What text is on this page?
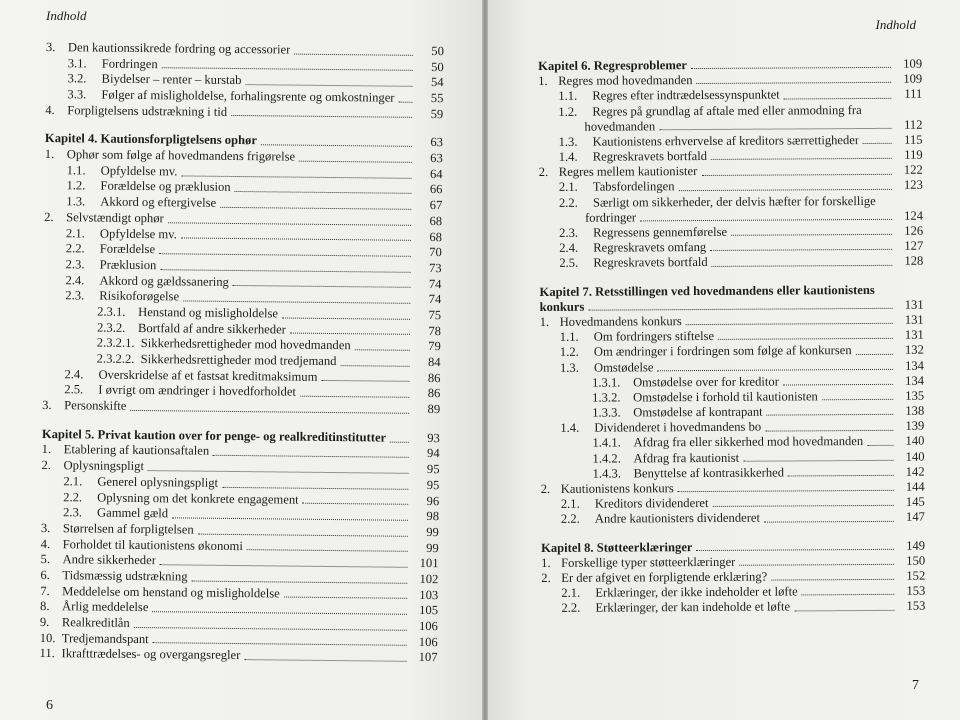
Indhold
3. Den kautionssikrede fordring og accessorier	50
3.1.	Fordringen	50
3.2.	Biydelser – renter – kurstab	54
3.3.	Følger af misligholdelse, forhalingsrente og omkostninger	55
4. Forpligtelsens udstrækning i tid	59
Kapitel 4. Kautionsforpligtelsens ophør	63
1. Ophør som følge af hovedmandens frigørelse	63
1.1.	Opfyldelse mv.	64
1.2.	Forældelse og præklusion	66
1.3.	Akkord og eftergivelse	67
2. Selvstændigt ophør	68
2.1.	Opfyldelse mv.	68
2.2.	Forældelse	70
2.3.	Præklusion	73
2.4.	Akkord og gældssanering	74
2.3.	Risikoforøgelse	74
2.3.1. Henstand og misligholdelse	75
2.3.2. Bortfald af andre sikkerheder	78
2.3.2.1. Sikkerhedsrettigheder mod hovedmanden	79
2.3.2.2. Sikkerhedsrettigheder mod tredjemand	84
2.4.	Overskridelse af et fastsat kreditmaksimum	86
2.5.	I øvrigt om ændringer i hovedforholdet	86
3. Personskifte	89
Kapitel 5. Privat kaution over for penge- og realkreditinstitutter	93
1. Etablering af kautionsaftalen	94
2. Oplysningspligt	95
2.1.	Generel oplysningspligt	95
2.2.	Oplysning om det konkrete engagement	96
2.3.	Gammel gæld	98
3. Størrelsen af forpligtelsen	99
4. Forholdet til kautionistens økonomi	99
5. Andre sikkerheder	101
6. Tidsmæssig udstrækning	102
7. Meddelelse om henstand og misligholdelse	103
8. Årlig meddelelse	105
9. Realkreditlån	106
10. Tredjemandspant	106
11. Ikrafttrædelses- og overgangsregler	107
6
Indhold
Kapitel 6. Regresproblemer	109
1. Regres mod hovedmanden	109
1.1.	Regres efter indtrædelsessynspunktet	111
1.2.	Regres på grundlag af aftale med eller anmodning fra
hovedmanden	112
1.3.	Kautionistens erhvervelse af kreditors særrettigheder	115
1.4.	Regreskravets bortfald	119
2. Regres mellem kautionister	122
2.1.	Tabsfordelingen	123
2.2.	Særligt om sikkerheder, der delvis hæfter for forskellige
fordringer	124
2.3.	Regressens gennemførelse	126
2.4.	Regreskravets omfang	127
2.5.	Regreskravets bortfald	128
Kapitel 7. Retsstillingen ved hovedmandens eller kautionistens
konkurs	131
1. Hovedmandens konkurs	131
1.1.	Om fordringers stiftelse	131
1.2.	Om ændringer i fordringen som følge af konkursen	132
1.3.	Omstødelse	134
1.3.1. Omstødelse over for kreditor	134
1.3.2. Omstødelse i forhold til kautionisten	135
1.3.3. Omstødelse af kontrapant	138
1.4.	Dividenderet i hovedmandens bo	139
1.4.1. Afdrag fra eller sikkerhed mod hovedmanden	140
1.4.2. Afdrag fra kautionist	140
1.4.3. Benyttelse af kontrasikkerhed	142
2. Kautionistens konkurs	144
2.1.	Kreditors dividenderet	145
2.2.	Andre kautionisters dividenderet	147
Kapitel 8. Støtteerklæringer	149
1. Forskellige typer støtteerklæringer	150
2. Er der afgivet en forpligtende erklæring?	152
2.1.	Erklæringer, der ikke indeholder et løfte	153
2.2.	Erklæringer, der kan indeholde et løfte	153
7
